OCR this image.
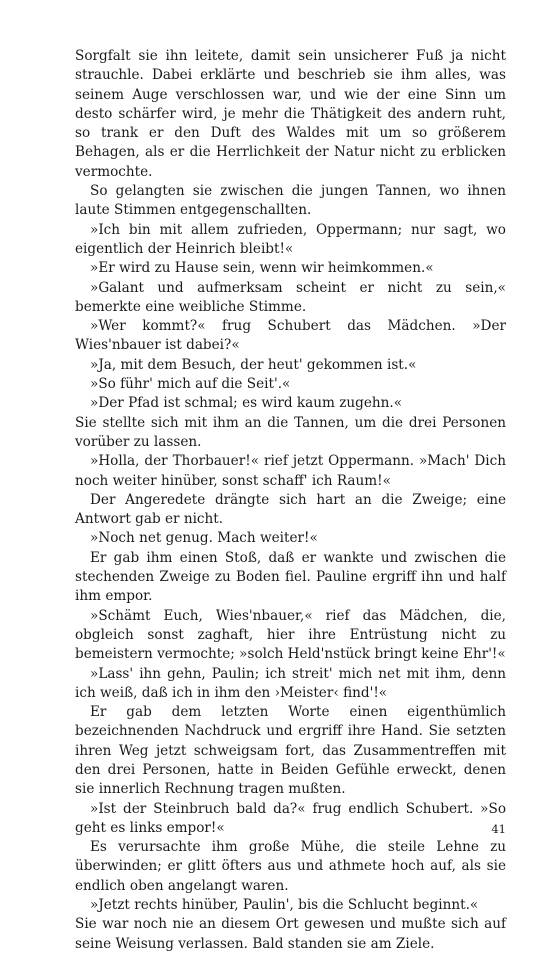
Sorgfalt sie ihn leitete, damit sein unsicherer Fuß ja nicht strauchle. Dabei erklärte und beschrieb sie ihm alles, was seinem Auge verschlossen war, und wie der eine Sinn um desto schärfer wird, je mehr die Thätigkeit des andern ruht, so trank er den Duft des Waldes mit um so größerem Behagen, als er die Herrlichkeit der Natur nicht zu erblicken vermochte.

So gelangten sie zwischen die jungen Tannen, wo ihnen laute Stimmen entgegenschallten.

»Ich bin mit allem zufrieden, Oppermann; nur sagt, wo eigentlich der Heinrich bleibt!«

»Er wird zu Hause sein, wenn wir heimkommen.«

»Galant und aufmerksam scheint er nicht zu sein,« bemerkte eine weibliche Stimme.

»Wer kommt?« frug Schubert das Mädchen. »Der Wies'nbauer ist dabei?«

»Ja, mit dem Besuch, der heut' gekommen ist.«

»So führ' mich auf die Seit'.«

»Der Pfad ist schmal; es wird kaum zugehn.«

Sie stellte sich mit ihm an die Tannen, um die drei Personen vorüber zu lassen.

»Holla, der Thorbauer!« rief jetzt Oppermann. »Mach' Dich noch weiter hinüber, sonst schaff' ich Raum!«

Der Angeredete drängte sich hart an die Zweige; eine Antwort gab er nicht.

»Noch net genug. Mach weiter!«

Er gab ihm einen Stoß, daß er wankte und zwischen die stechenden Zweige zu Boden fiel. Pauline ergriff ihn und half ihm empor.

»Schämt Euch, Wies'nbauer,« rief das Mädchen, die, obgleich sonst zaghaft, hier ihre Entrüstung nicht zu bemeistern vermochte; »solch Held'nstück bringt keine Ehr'!«

»Lass' ihn gehn, Paulin; ich streit' mich net mit ihm, denn ich weiß, daß ich in ihm den ›Meister‹ find'!«

Er gab dem letzten Worte einen eigenthümlich bezeichnenden Nachdruck und ergriff ihre Hand. Sie setzten ihren Weg jetzt schweigsam fort, das Zusammentreffen mit den drei Personen, hatte in Beiden Gefühle erweckt, denen sie innerlich Rechnung tragen mußten.

»Ist der Steinbruch bald da?« frug endlich Schubert. »So geht es links empor!«

Es verursachte ihm große Mühe, die steile Lehne zu überwinden; er glitt öfters aus und athmete hoch auf, als sie endlich oben angelangt waren.

»Jetzt rechts hinüber, Paulin', bis die Schlucht beginnt.«

Sie war noch nie an diesem Ort gewesen und mußte sich auf seine Weisung verlassen. Bald standen sie am Ziele.

41
